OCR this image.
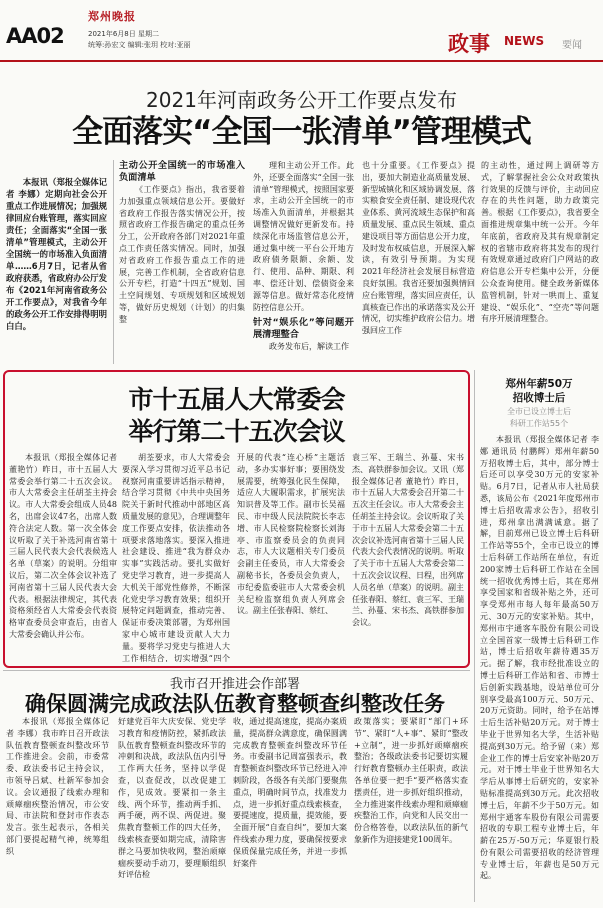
AA02
郑州晚报
2021年6月8日 星期二
统筹:孙宏文 编辑:张玥 校对:亚丽	政事 NEWS 要闻
2021年河南政务公开工作要点发布
全面落实“全国一张清单”管理模式

本报讯（郑报全媒体记者 李娜）定期向社会公开重点工作进展情况；加强规律回应台账管理，落实回应责任；全面落实“全国一张清单”管理模式，主动公开全国统一的市场准入负面清单……6月7日，记者从省政府获悉，省政府办公厅发布《2021年河南省政务公开工作要点》，对我省今年的政务公开工作安排得明明白白。

主动公开全国统一的市场准入负面清单

《工作要点》指出，我省要着力加强重点领域信息公开。要做好省政府工作报告落实情况公开，按照省政府工作报告确定的重点任务分工，公开政府各部门对2021年重点工作责任落实情况。同时，加强对省政府工作报告重点工作的进展，完善工作机制，全省政府信息公开专栏，打造“十四五”规划、国土空间规划、专项规划和区域规划等，做好历史规划（计划）的归集整

理和主动公开工作。此外，还要全面落实“全国一张清单”管理模式，按照国家要求，主动公开全国统一的市场准入负面清单，并根据其调整情况做好更新发布。持续深化市场监管信息公开，通过集中统一平台公开地方政府债务限额、余额、发行、使用、品种、期限、利率、偿还计划、偿债资金来源等信息。做好常态化疫情防控信息公开。

针对“娱乐化”等问题开展清理整合

政务发布后，解读工作

也十分重要。《工作要点》提出，要加大制造业高质量发展、新型城镇化和区域协调发展、落实粮食安全责任制、建设现代农业体系、黄河流域生态保护和高质量发展、重点民生领域、重点建设项目等方面信息公开力度，及时发布权威信息，开展深入解读，有效引导预期。为实现2021年经济社会发展目标营造良好氛围。我省还要加强舆情回应台账管理，落实回应责任，认真核查已作出的承诺落实及公开情况，切实维护政府公信力。增强回应工作

的主动性，通过网上调研等方式，了解掌握社会公众对政策执行效果的反馈与评价，主动回应存在的共性问题，助力政策完善。根据《工作要点》，我省要全面推进规章集中统一公开。今年年底前，省政府及其有规章制定权的省辖市政府将其发布的现行有效规章通过政府门户网站的政府信息公开专栏集中公开，分便公众查询使用。健全政务新媒体监管机制，针对一哄而上、重复建设、“娱乐化”、“空壳”等问题有序开展清理整合。

市十五届人大常委会
举行第二十五次会议

本报讯（郑报全媒体记者 董艳竹）昨日，市十五届人大常委会举行第二十五次会议。市人大常委会主任胡荃主持会议。市人大常委会组成人员48名，出席会议47名，出席人数符合法定人数。第一次全体会议听取了关于补选河南省第十三届人民代表大会代表候选人名单（草案）的说明。分组审议后，第二次全体会议补选了河南省第十三届人民代表大会代表。根据法律规定，其代表资格须经省人大常委会代表资格审查委员会审查后，由省人大常委会确认并公布。

胡荃要求，市人大常委会要深入学习贯彻习近平总书记视察河南重要讲话指示精神，结合学习贯彻《中共中央国务院关于新时代推动中部地区高质量发展的意见》，合理调整年度工作要点安排，依法推动各项要求落地落实。要深入推进社会建设、推进“我为群众办实事”实践活动。要扎实做好党史学习教育，进一步提高人大机关干部党性修养，不断深化党史学习教育效果；组织开展特定问题调查，推动完善、保证市委决策部署，为郑州国家中心城市建设贡献人大力量。要将学习党史与推进人大工作相结合，切实增强“四个

开展的代表“连心桥”主题活动，多办实事好事；要围绕发展需要，统筹强化民生保障，适应人大履职需求，扩展宪法知识普及等工作。副市长吴福民、市中级人民法院院长李志增、市人民检察院检察长刘海亭、市监察委员会的负责同志，市人大议题相关专门委员会副主任委员，市人大常委会副秘书长，各委员会负责人，市纪委监委驻市人大常委会机关纪检监察组负责人列席会议。副主任张春阳、蔡红、

袁三军、王瑞兰、孙蔓、宋书杰、高铁群参加会议。又讯（郑报全媒体记者 董艳竹）昨日，市十五届人大常委会召开第二十五次主任会议。市人大常委会主任胡荃主持会议。会议听取了关于市十五届人大常委会第二十五次会议补选河南省第十三届人民代表大会代表情况的说明。听取了关于市十五届人大常委会第二十五次会议议程、日程，出列席人员名单（草案）的说明。副主任张春阳、蔡红、袁三军、王瑞兰、孙蔓、宋书杰、高铁群参加会议。

郑州年薪50万
招收博士后
全市已设立博士后
科研工作站55个

本报讯（郑报全媒体记者 李娜 通讯员 付鹏辉）郑州年薪50万招收博士后，其中，部分博士后还可以享受30万元的安家补贴。6月7日，记者从市人社局获悉，该局公布《2021年度郑州市博士后招收需求公告》，招收引进，郑州拿出满满诚意。据了解，目前郑州已设立博士后科研工作站等55个，全市已设立的博士后科研工作站所在单位，有近200家博士后科研工作站在全国统一招收优秀博士后，其在郑州享受国家和省级补贴之外，还可享受郑州市每人每年最高50万元、30万元的安家补贴。其中，郑州市宇通客车股份有限公司设立全国首家一级博士后科研工作站，博士后招收年薪待遇35万元。据了解，我市经批准设立的博士后科研工作站和省、市博士后创新实践基地，设站单位可分别享受最高100万元、50万元、20万元资助。同时，给予在站博士后生活补贴20万元。对于博士毕业于世界知名大学，生活补贴提高到30万元。给予留（来）郑企业工作的博士后安家补贴20万元。对于博士毕业于世界知名大学后从事博士后研究的，安家补贴标准提高到30万元。此次招收博士后，年薪不少于50万元。如郑州宇通客车股份有限公司需要招收的专职工程专业博士后，年薪在25万-50万元；华夏银行股份有限公司需要招收的经济管理专业博士后，年薪也是50万元起。

我市召开推进会作部署
确保圆满完成政法队伍教育整顿查纠整改任务

本报讯（郑报全媒体记者 李娜）我市昨日召开政法队伍教育整顿查纠整改环节工作推进会。会前，市委常委、政法委书记主持会议，市领导吕斌、杜新军参加会议。会议通报了线索办理和顽瘴痼疾整治情况，市公安局、市法院和登封市作表态发言。张生起表示，各相关部门要提起精气神，统筹组织

好建党百年大庆安保、党史学习教育和疫情防控，紧抓政法队伍教育整顿查纠整改环节的冲刺和决战，政法队伍内引导工作两大任务，坚持以学促查，以查促改，以改促建工作，见成效。要紧扣一条主线、两个环节，推动两手抓、两手硬，两不误、两促进。聚焦教育整顿工作的四大任务，线索核查要如期完成，清除害群之马要加快收网，整治顽瘴痼疾要动手动刀，要理顺组织好评估检

收，通过提高速度，提高办案质量，提高群众满意度，确保圆满完成教育整顿查纠整改环节任务。市委副书记周富强表示，教育整顿查纠整改环节已经进入冲刺阶段，各级各有关部门要聚焦重点，明确时间节点，找准发力点，进一步抓好重点线索核查，要提速度，提质量，提效能，要全面开展“自查自纠”，要加大案件线索办理力度，要确保按要求保质保量完成任务，并进一步抓好案件

政策落实；要紧盯“部门+环节”、紧盯“人+事”、紧盯“整改+立制”，进一步抓好顽瘴痼疾整治；各级政法委书记要切实履行好教育整顿办主任职责，政法各单位要一把手“要严格落实查摆责任，进一步抓好组织推动，全力推进案件线索办理和顽瘴痼疾整治工作，向党和人民交出一份合格答卷，以政法队伍的新气象新作为迎接建党100周年。
